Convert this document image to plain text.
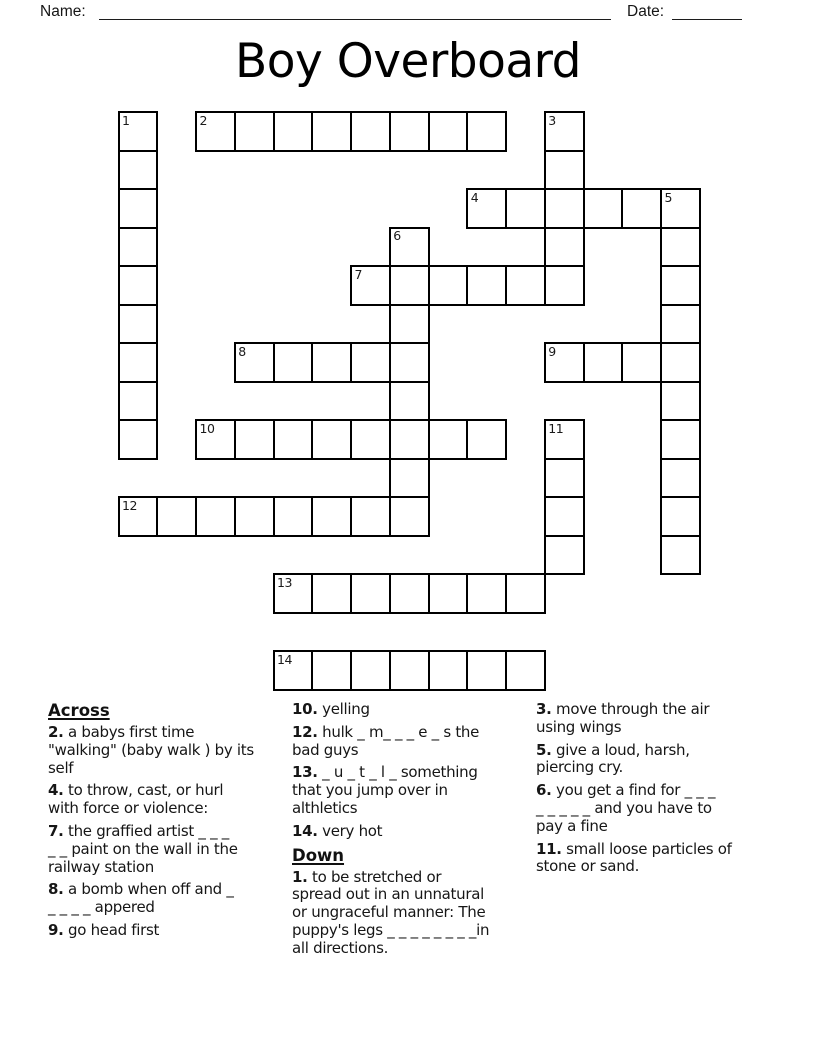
Name:	Date:
Boy Overboard
1	2	3
4	5
6
7
8	9
10	11
12
13
14
Across
2. a babys first time
"walking" (baby walk ) by its
self
4. to throw, cast, or hurl
with force or violence:
7. the graffied artist _ _ _
_ _ paint on the wall in the
railway station
8. a bomb when off and _
_ _ _ _ appered
9. go head first
10. yelling
12. hulk _ m_ _ _ e _ s the
bad guys
13. _ u _ t _ l _ something
that you jump over in
althletics
14. very hot
Down
1. to be stretched or
spread out in an unnatural
or ungraceful manner: The
puppy's legs _ _ _ _ _ _ _ _in
all directions.
3. move through the air
using wings
5. give a loud, harsh,
piercing cry.
6. you get a find for _ _ _
_ _ _ _ _ and you have to
pay a fine
11. small loose particles of
stone or sand.
